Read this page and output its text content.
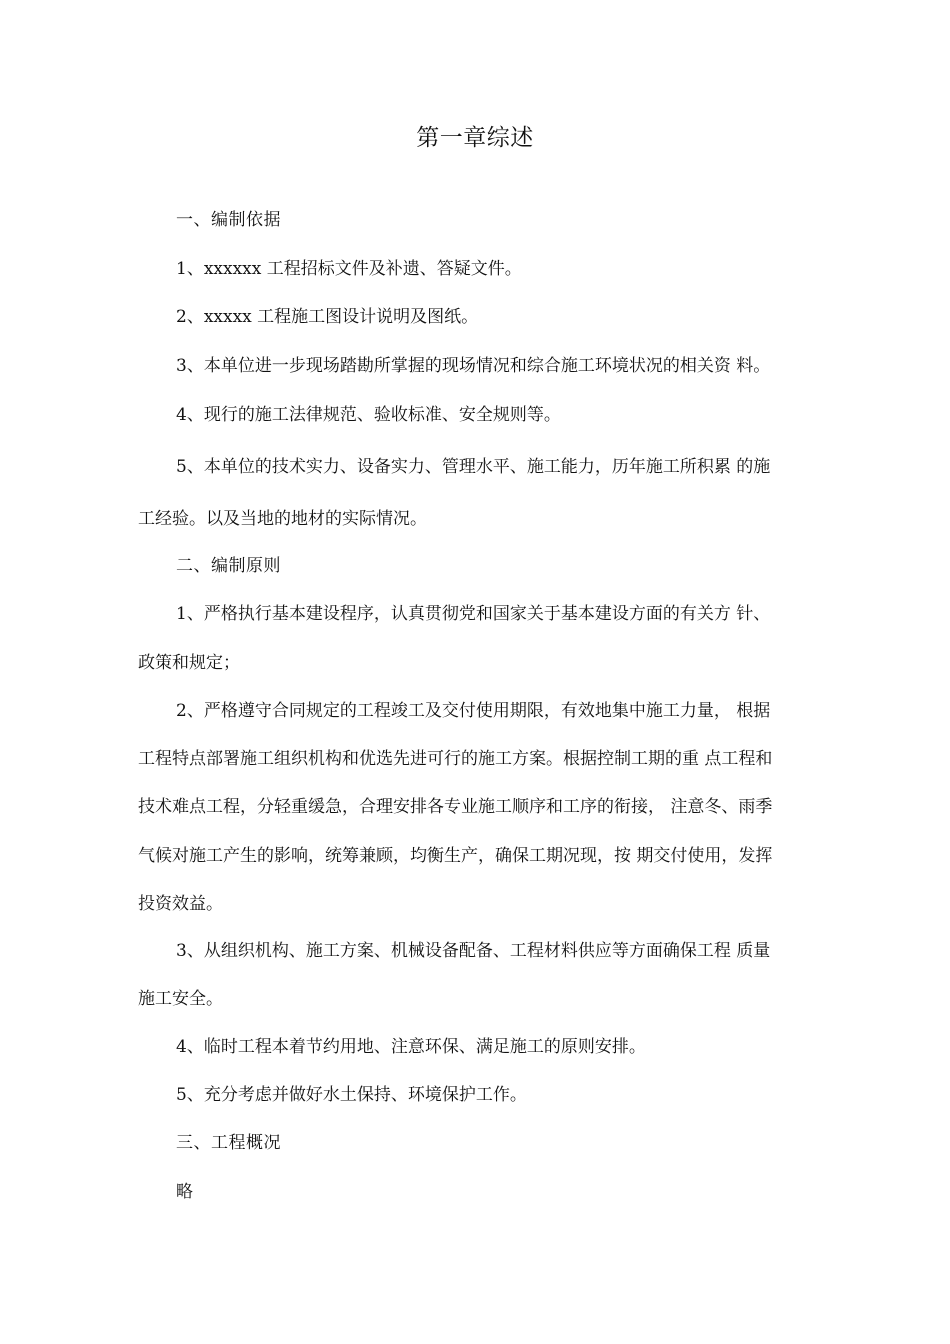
第一章综述
一、编制依据
1、xxxxxx 工程招标文件及补遗、答疑文件。
2、xxxxx 工程施工图设计说明及图纸。
3、本单位进一步现场踏勘所掌握的现场情况和综合施工环境状况的相关资 料。
4、现行的施工法律规范、验收标准、安全规则等。
5、本单位的技术实力、设备实力、管理水平、施工能力，历年施工所积累 的施
工经验。以及当地的地材的实际情况。
二、编制原则
1、严格执行基本建设程序，认真贯彻党和国家关于基本建设方面的有关方 针、
政策和规定；
2、严格遵守合同规定的工程竣工及交付使用期限，有效地集中施工力量， 根据
工程特点部署施工组织机构和优选先进可行的施工方案。根据控制工期的重 点工程和
技术难点工程，分轻重缓急，合理安排各专业施工顺序和工序的衔接， 注意冬、雨季
气候对施工产生的影响，统筹兼顾，均衡生产，确保工期况现，按 期交付使用，发挥
投资效益。
3、从组织机构、施工方案、机械设备配备、工程材料供应等方面确保工程 质量
施工安全。
4、临时工程本着节约用地、注意环保、满足施工的原则安排。
5、充分考虑并做好水土保持、环境保护工作。
三、工程概况
略
